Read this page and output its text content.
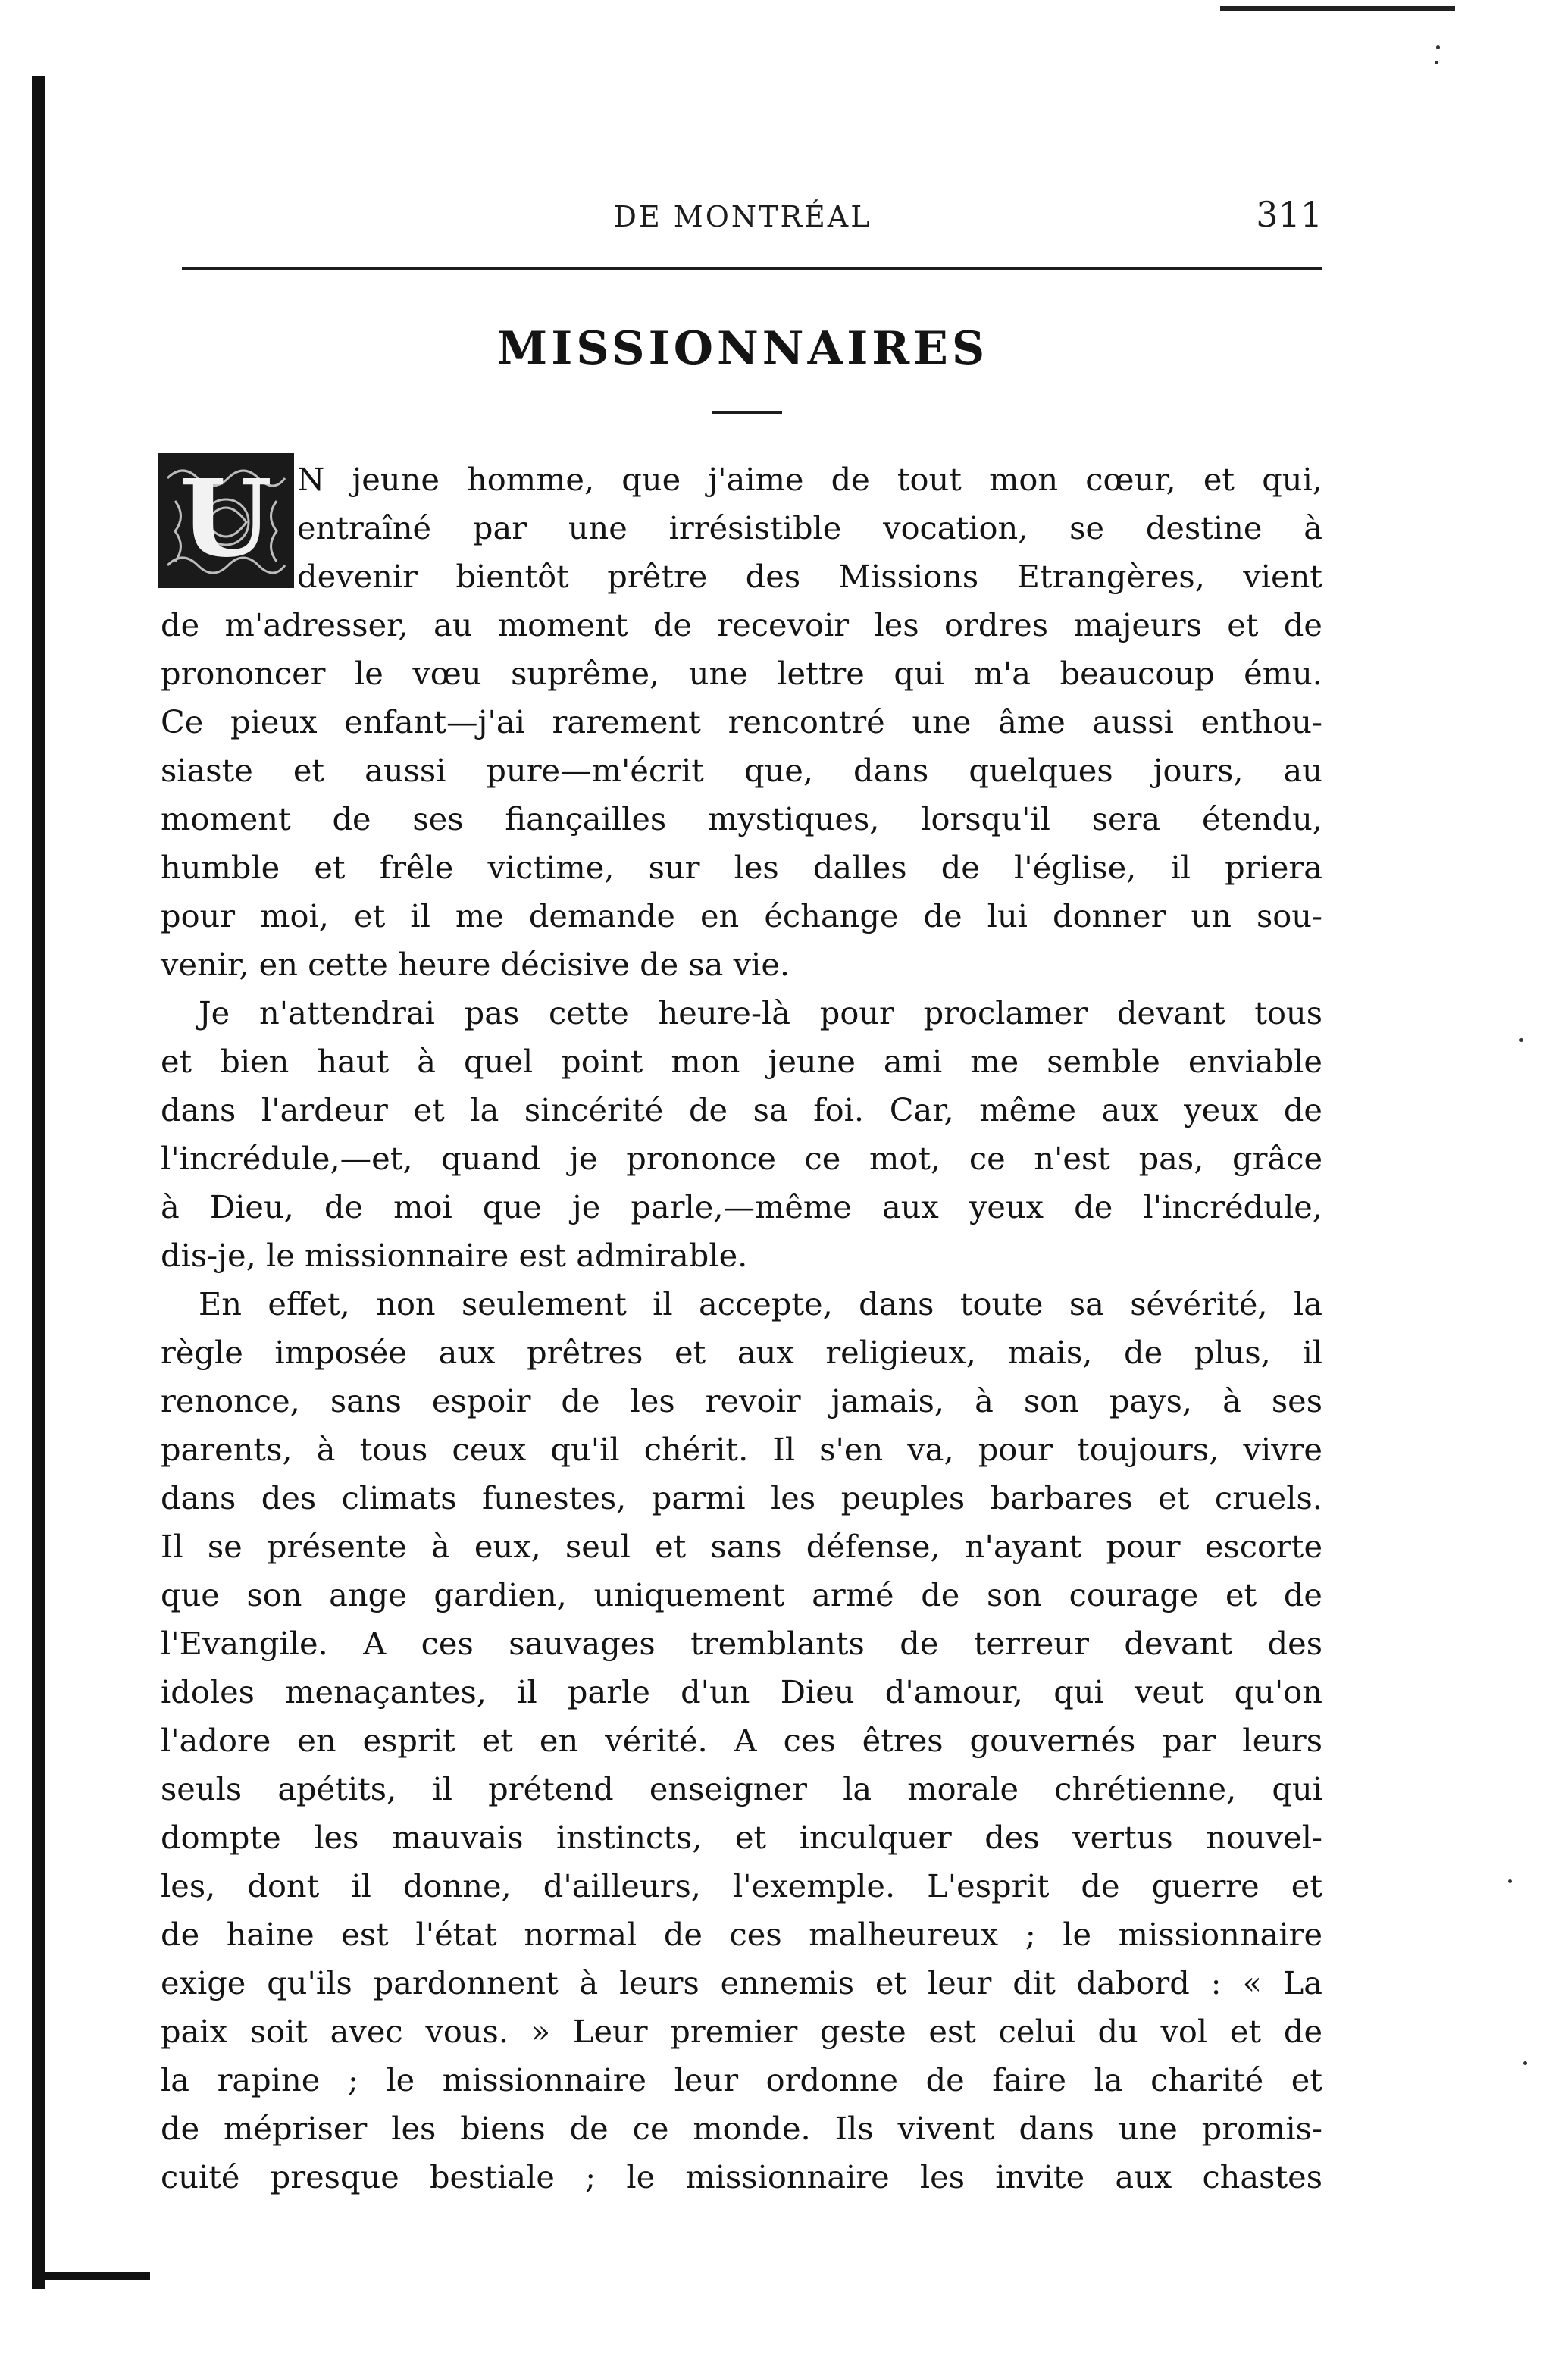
DE MONTRÉAL	311
MISSIONNAIRES
U N jeune homme, que j'aime de tout mon cœur, et qui,
entraîné par une irrésistible vocation, se destine à
devenir bientôt prêtre des Missions Etrangères, vient
de m'adresser, au moment de recevoir les ordres majeurs et de
prononcer le vœu suprême, une lettre qui m'a beaucoup ému.
Ce pieux enfant—j'ai rarement rencontré une âme aussi enthou-
siaste et aussi pure—m'écrit que, dans quelques jours, au
moment de ses fiançailles mystiques, lorsqu'il sera étendu,
humble et frêle victime, sur les dalles de l'église, il priera
pour moi, et il me demande en échange de lui donner un sou-
venir, en cette heure décisive de sa vie.
Je n'attendrai pas cette heure-là pour proclamer devant tous
et bien haut à quel point mon jeune ami me semble enviable
dans l'ardeur et la sincérité de sa foi. Car, même aux yeux de
l'incrédule,—et, quand je prononce ce mot, ce n'est pas, grâce
à Dieu, de moi que je parle,—même aux yeux de l'incrédule,
dis-je, le missionnaire est admirable.
En effet, non seulement il accepte, dans toute sa sévérité, la
règle imposée aux prêtres et aux religieux, mais, de plus, il
renonce, sans espoir de les revoir jamais, à son pays, à ses
parents, à tous ceux qu'il chérit. Il s'en va, pour toujours, vivre
dans des climats funestes, parmi les peuples barbares et cruels.
Il se présente à eux, seul et sans défense, n'ayant pour escorte
que son ange gardien, uniquement armé de son courage et de
l'Evangile. A ces sauvages tremblants de terreur devant des
idoles menaçantes, il parle d'un Dieu d'amour, qui veut qu'on
l'adore en esprit et en vérité. A ces êtres gouvernés par leurs
seuls apétits, il prétend enseigner la morale chrétienne, qui
dompte les mauvais instincts, et inculquer des vertus nouvel-
les, dont il donne, d'ailleurs, l'exemple. L'esprit de guerre et
de haine est l'état normal de ces malheureux ; le missionnaire
exige qu'ils pardonnent à leurs ennemis et leur dit dabord : « La
paix soit avec vous. » Leur premier geste est celui du vol et de
la rapine ; le missionnaire leur ordonne de faire la charité et
de mépriser les biens de ce monde. Ils vivent dans une promis-
cuité presque bestiale ; le missionnaire les invite aux chastes
